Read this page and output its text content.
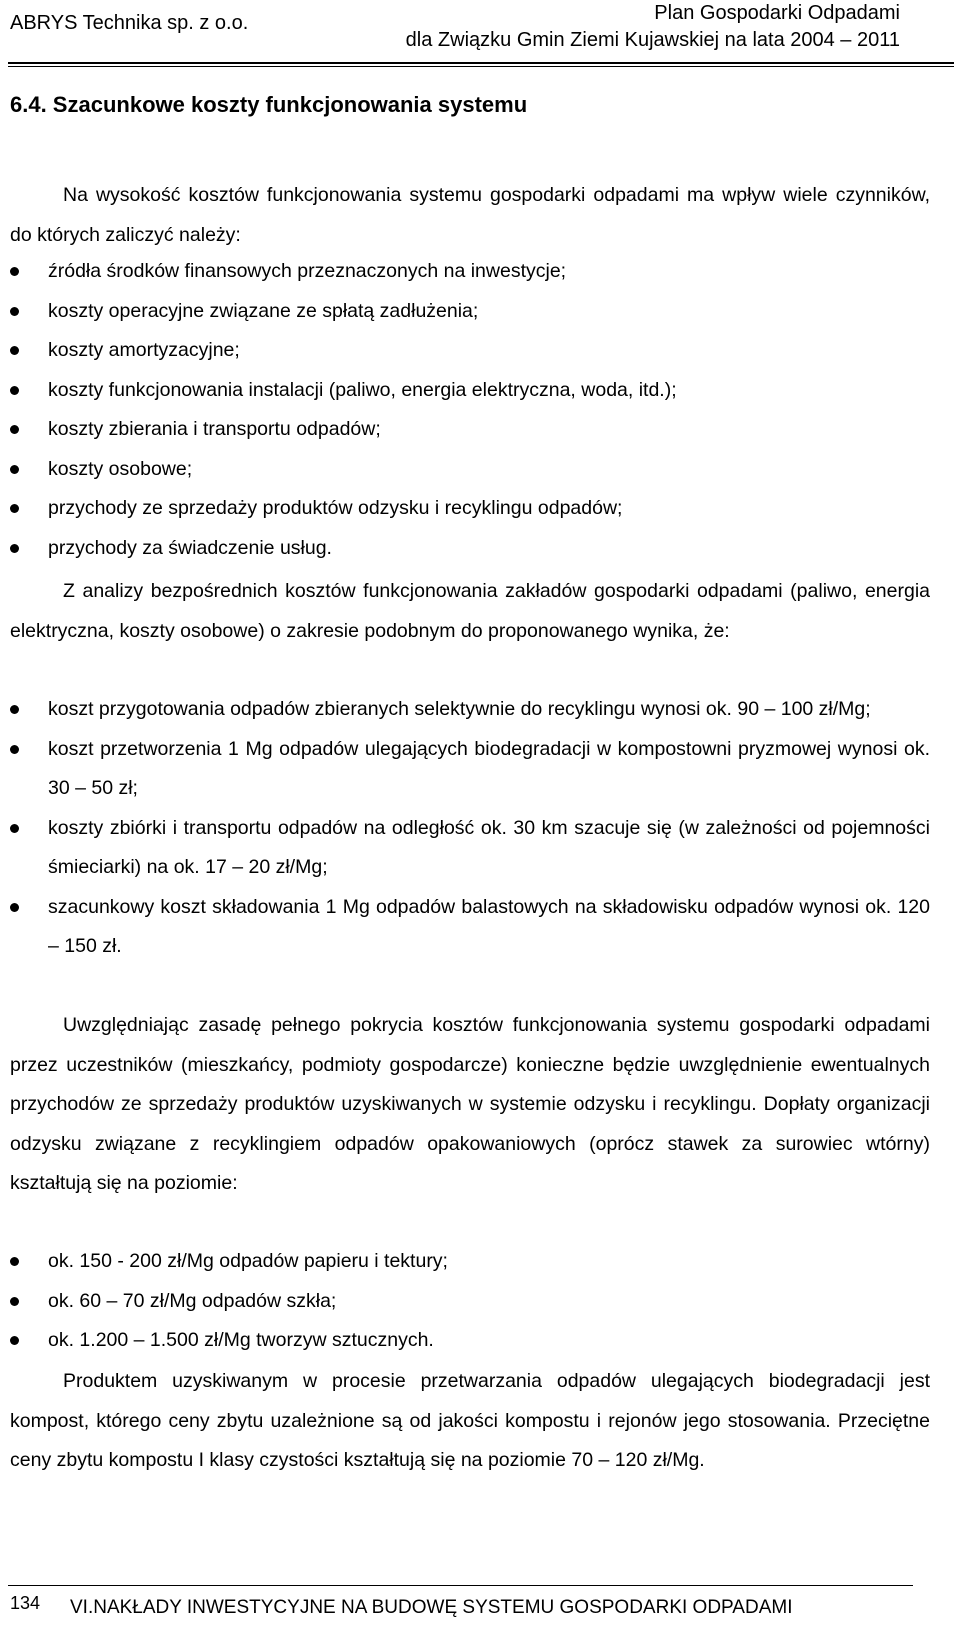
ABRYS Technika sp. z o.o.	Plan Gospodarki Odpadami
dla Związku Gmin Ziemi Kujawskiej na lata 2004 – 2011
6.4. Szacunkowe koszty funkcjonowania systemu
Na wysokość kosztów funkcjonowania systemu gospodarki odpadami ma wpływ wiele czynników, do których zaliczyć należy:
źródła środków finansowych przeznaczonych na inwestycje;
koszty operacyjne związane ze spłatą zadłużenia;
koszty amortyzacyjne;
koszty funkcjonowania instalacji (paliwo, energia elektryczna, woda, itd.);
koszty zbierania i transportu odpadów;
koszty osobowe;
przychody ze sprzedaży produktów odzysku i recyklingu odpadów;
przychody za świadczenie usług.
Z analizy bezpośrednich kosztów funkcjonowania zakładów gospodarki odpadami (paliwo, energia elektryczna, koszty osobowe) o zakresie podobnym do proponowanego wynika, że:
koszt przygotowania odpadów zbieranych selektywnie do recyklingu wynosi ok. 90 – 100 zł/Mg;
koszt przetworzenia 1 Mg odpadów ulegających biodegradacji w kompostowni pryzmowej wynosi ok. 30 – 50 zł;
koszty zbiórki i transportu odpadów na odległość ok. 30 km szacuje się (w zależności od pojemności śmieciarki) na ok. 17 – 20 zł/Mg;
szacunkowy koszt składowania 1 Mg odpadów balastowych na składowisku odpadów wynosi ok. 120 – 150 zł.
Uwzględniając zasadę pełnego pokrycia kosztów funkcjonowania systemu gospodarki odpadami przez uczestników (mieszkańcy, podmioty gospodarcze) konieczne będzie uwzględnienie ewentualnych przychodów ze sprzedaży produktów uzyskiwanych w systemie odzysku i recyklingu. Dopłaty organizacji odzysku związane z recyklingiem odpadów opakowaniowych (oprócz stawek za surowiec wtórny) kształtują się na poziomie:
ok. 150 - 200 zł/Mg odpadów papieru i tektury;
ok. 60 – 70 zł/Mg odpadów szkła;
ok. 1.200 – 1.500 zł/Mg tworzyw sztucznych.
Produktem uzyskiwanym w procesie przetwarzania odpadów ulegających biodegradacji jest kompost, którego ceny zbytu uzależnione są od jakości kompostu i rejonów jego stosowania. Przeciętne ceny zbytu kompostu I klasy czystości kształtują się na poziomie 70 – 120 zł/Mg.
134 VI.NAKŁADY INWESTYCYJNE NA BUDOWĘ SYSTEMU GOSPODARKI ODPADAMI
